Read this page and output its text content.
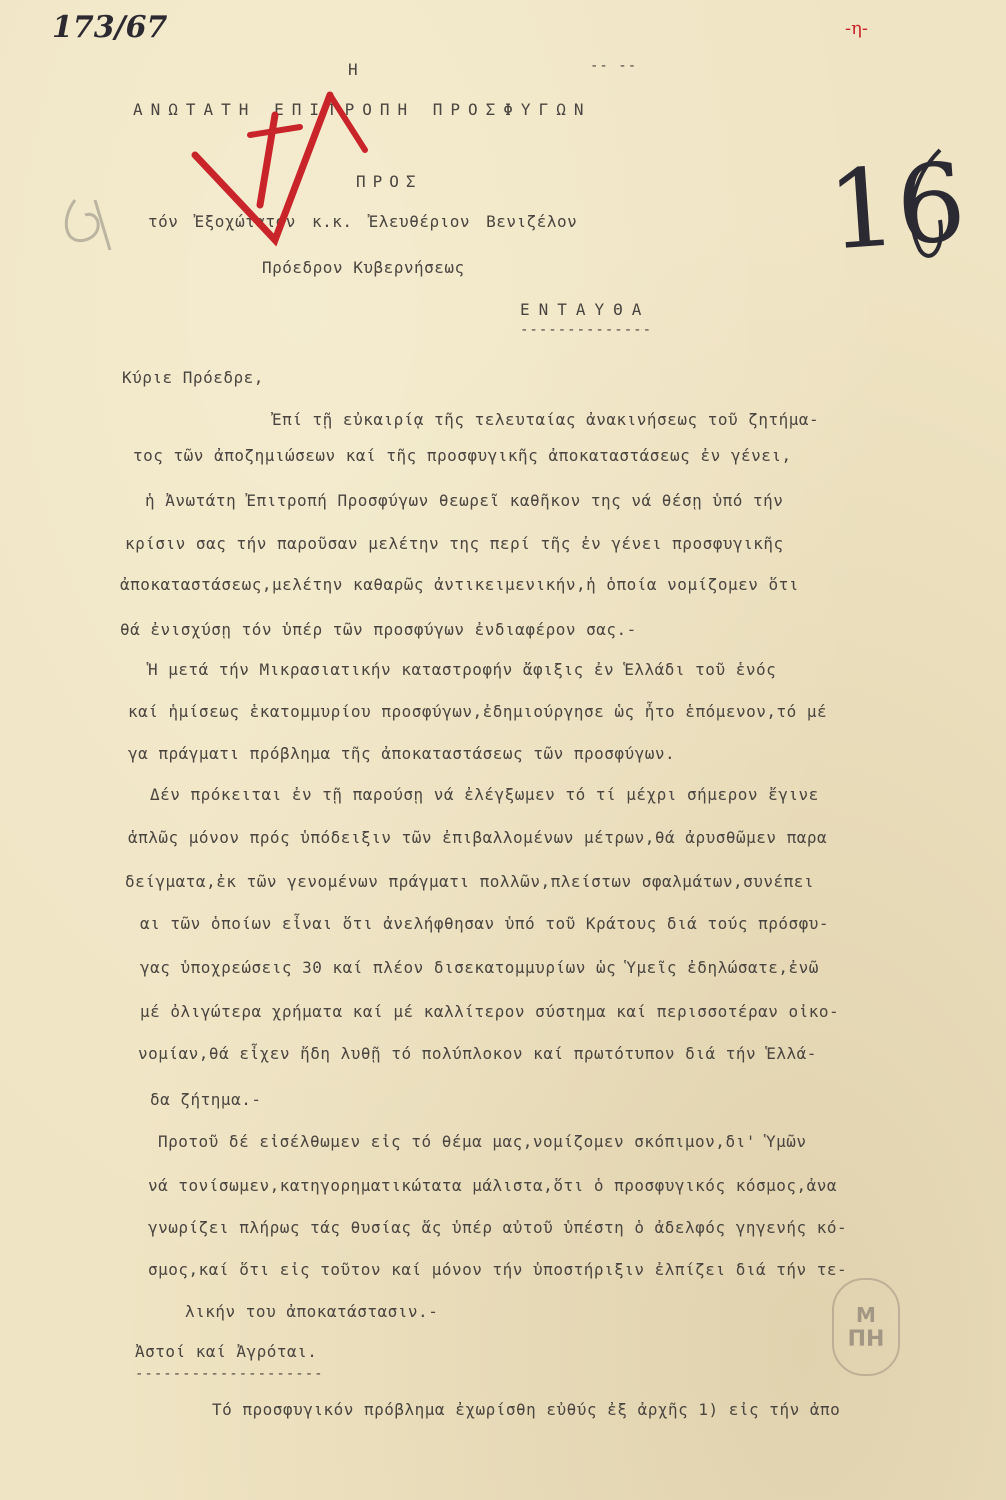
173/67	-η-
Η	-- --
ΑΝΩΤΑΤΗ ΕΠΙΤΡΟΠΗ ΠΡΟΣΦΥΓΩΝ
ΠΡΟΣ
τόν Ἐξοχώτατον κ.κ. Ἐλευθέριον Βενιζέλον
Πρόεδρον Κυβερνήσεως
ΕΝΤΑΥΘΑ
--------------
16
Κύριε Πρόεδρε,
Ἐπί τῇ εὐκαιρίᾳ τῆς τελευταίας ἀνακινήσεως τοῦ ζητήμα-
τος τῶν ἀποζημιώσεων καί τῆς προσφυγικῆς ἀποκαταστάσεως ἐν γένει,
ἡ Ἀνωτάτη Ἐπιτροπή Προσφύγων θεωρεῖ καθῆκον της νά θέσῃ ὑπό τήν
κρίσιν σας τήν παροῦσαν μελέτην της περί τῆς ἐν γένει προσφυγικῆς
ἀποκαταστάσεως,μελέτην καθαρῶς ἀντικειμενικήν,ἡ ὁποία νομίζομεν ὅτι
θά ἐνισχύσῃ τόν ὑπέρ τῶν προσφύγων ἐνδιαφέρον σας.-
Ἡ μετά τήν Μικρασιατικήν καταστροφήν ἄφιξις ἐν Ἑλλάδι τοῦ ἑνός
καί ἡμίσεως ἑκατομμυρίου προσφύγων,ἐδημιούργησε ὡς ἦτο ἑπόμενον,τό μέ
γα πράγματι πρόβλημα τῆς ἀποκαταστάσεως τῶν προσφύγων.
Δέν πρόκειται ἐν τῇ παρούσῃ νά ἐλέγξωμεν τό τί μέχρι σήμερον ἔγινε
ἁπλῶς μόνον πρός ὑπόδειξιν τῶν ἐπιβαλλομένων μέτρων,θά ἀρυσθῶμεν παρα
δείγματα,ἐκ τῶν γενομένων πράγματι πολλῶν,πλείστων σφαλμάτων,συνέπει
αι τῶν ὁποίων εἶναι ὅτι ἀνελήφθησαν ὑπό τοῦ Κράτους διά τούς πρόσφυ-
γας ὑποχρεώσεις 30 καί πλέον δισεκατομμυρίων ὡς Ὑμεῖς ἐδηλώσατε,ἐνῶ
μέ ὀλιγώτερα χρήματα καί μέ καλλίτερον σύστημα καί περισσοτέραν οἰκο-
νομίαν,θά εἶχεν ἤδη λυθῇ τό πολύπλοκον καί πρωτότυπον διά τήν Ἑλλά-
δα ζήτημα.-
Προτοῦ δέ εἰσέλθωμεν εἰς τό θέμα μας,νομίζομεν σκόπιμον,δι' Ὑμῶν
νά τονίσωμεν,κατηγορηματικώτατα μάλιστα,ὅτι ὁ προσφυγικός κόσμος,ἀνα
γνωρίζει πλήρως τάς θυσίας ἅς ὑπέρ αὐτοῦ ὑπέστη ὁ ἀδελφός γηγενής κό-
σμος,καί ὅτι εἰς τοῦτον καί μόνον τήν ὑποστήριξιν ἐλπίζει διά τήν τε-
λικήν του ἀποκατάστασιν.-
Ἀστοί καί Ἀγρόται.
--------------------
Τό προσφυγικόν πρόβλημα ἐχωρίσθη εὐθύς ἐξ ἀρχῆς 1) εἰς τήν ἀπο
Μ
ΠΗ
